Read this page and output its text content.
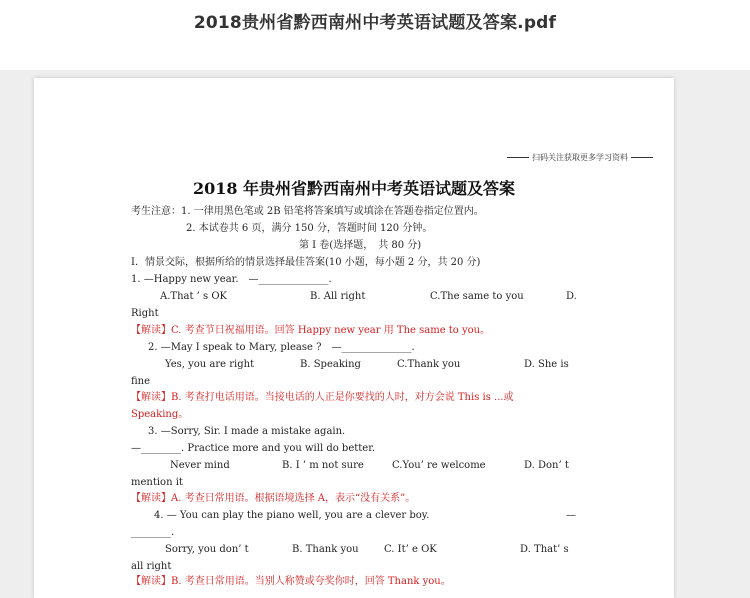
2018贵州省黔西南州中考英语试题及答案.pdf
扫码关注获取更多学习资料
2018 年贵州省黔西南州中考英语试题及答案
考生注意：1. 一律用黑色笔或 2B 铅笔将答案填写或填涂在答题卷指定位置内。
2. 本试卷共 6 页，满分 150 分，答题时间 120 分钟。
第 I 卷(选择题，　共 80 分)
I．情景交际，根据所给的情景选择最佳答案(10 小题，每小题 2 分，共 20 分)
1. —Happy new year.　—______________.
A.That ’ s OK	B. All right	C.The same to you	D.
Right
【解读】C. 考查节日祝福用语。回答 Happy new year 用 The same to you。
2. —May I speak to Mary, please ?　—______________.
Yes, you are right	B. Speaking	C.Thank you	D. She is
fine
【解读】B. 考查打电话用语。当接电话的人正是你要找的人时，对方会说 This is ...或
Speaking。
3. —Sorry, Sir. I made a mistake again.
—________. Practice more and you will do better.
Never mind	B. I ’ m not sure	C.You’ re welcome	D. Don’ t
mention it
【解读】A. 考查日常用语。根据语境选择 A，表示“没有关系”。
4. — You can play the piano well, you are a clever boy.	—
________.
Sorry, you don’ t	B. Thank you	C. It’ e OK	D. That’ s
all right
【解读】B. 考查日常用语。当别人称赞或夸奖你时，回答 Thank you。
